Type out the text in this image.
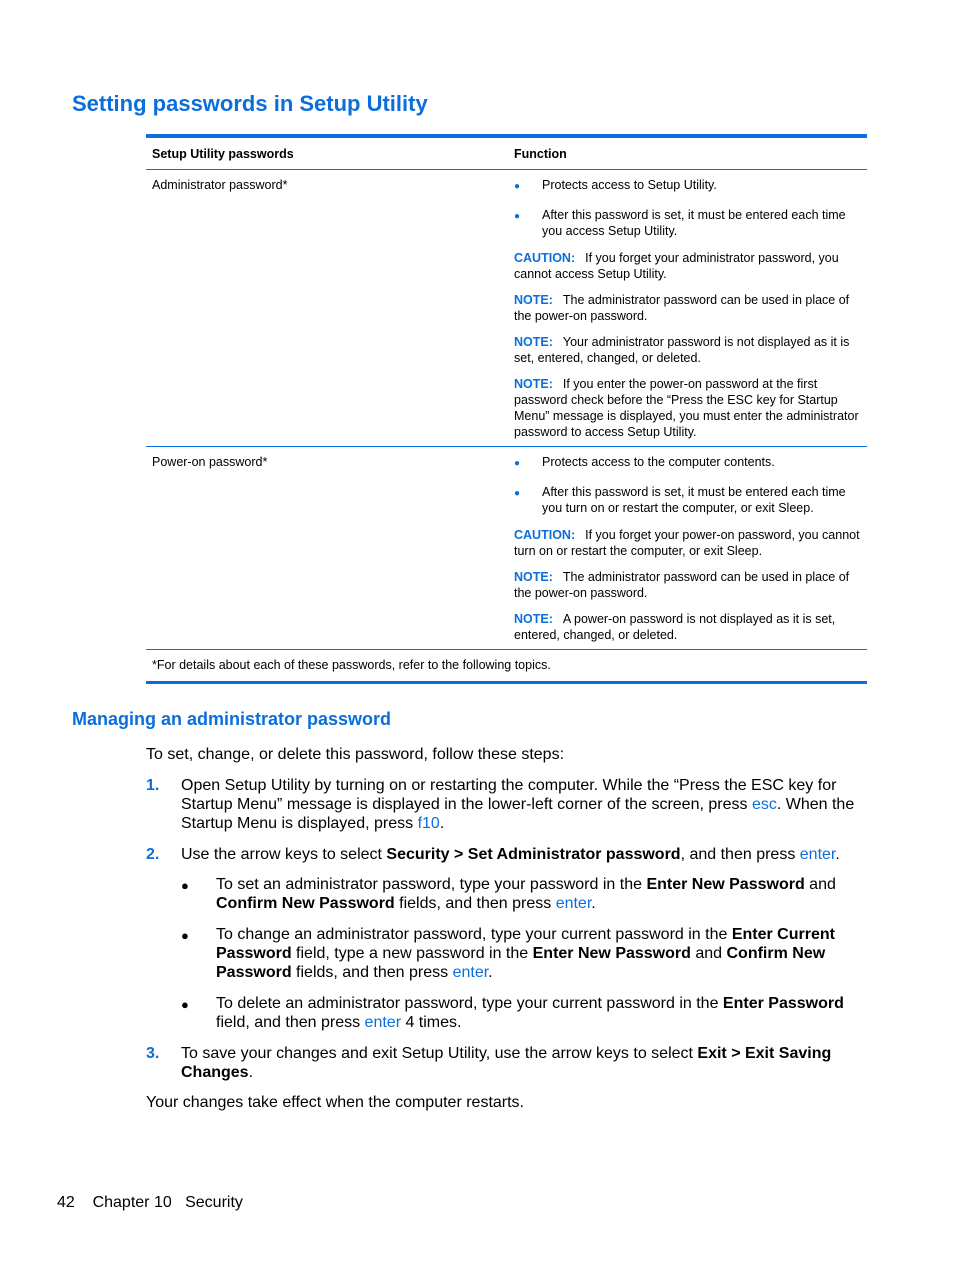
Setting passwords in Setup Utility
Setup Utility passwords	Function
Administrator password*	●	Protects access to Setup Utility.
●	After this password is set, it must be entered each time you access Setup Utility.
CAUTION: If you forget your administrator password, you cannot access Setup Utility.
NOTE: The administrator password can be used in place of the power-on password.
NOTE: Your administrator password is not displayed as it is set, entered, changed, or deleted.
NOTE: If you enter the power-on password at the first password check before the “Press the ESC key for Startup Menu” message is displayed, you must enter the administrator password to access Setup Utility.
Power-on password*	●	Protects access to the computer contents.
●	After this password is set, it must be entered each time you turn on or restart the computer, or exit Sleep.
CAUTION: If you forget your power-on password, you cannot turn on or restart the computer, or exit Sleep.
NOTE: The administrator password can be used in place of the power-on password.
NOTE: A power-on password is not displayed as it is set, entered, changed, or deleted.
*For details about each of these passwords, refer to the following topics.
Managing an administrator password
To set, change, or delete this password, follow these steps:
1.	Open Setup Utility by turning on or restarting the computer. While the “Press the ESC key for Startup Menu” message is displayed in the lower-left corner of the screen, press esc. When the Startup Menu is displayed, press f10.
2.	Use the arrow keys to select Security > Set Administrator password, and then press enter.
●	To set an administrator password, type your password in the Enter New Password and Confirm New Password fields, and then press enter.
●	To change an administrator password, type your current password in the Enter Current Password field, type a new password in the Enter New Password and Confirm New Password fields, and then press enter.
●	To delete an administrator password, type your current password in the Enter Password field, and then press enter 4 times.
3.	To save your changes and exit Setup Utility, use the arrow keys to select Exit > Exit Saving Changes.
Your changes take effect when the computer restarts.
42 Chapter 10 Security
